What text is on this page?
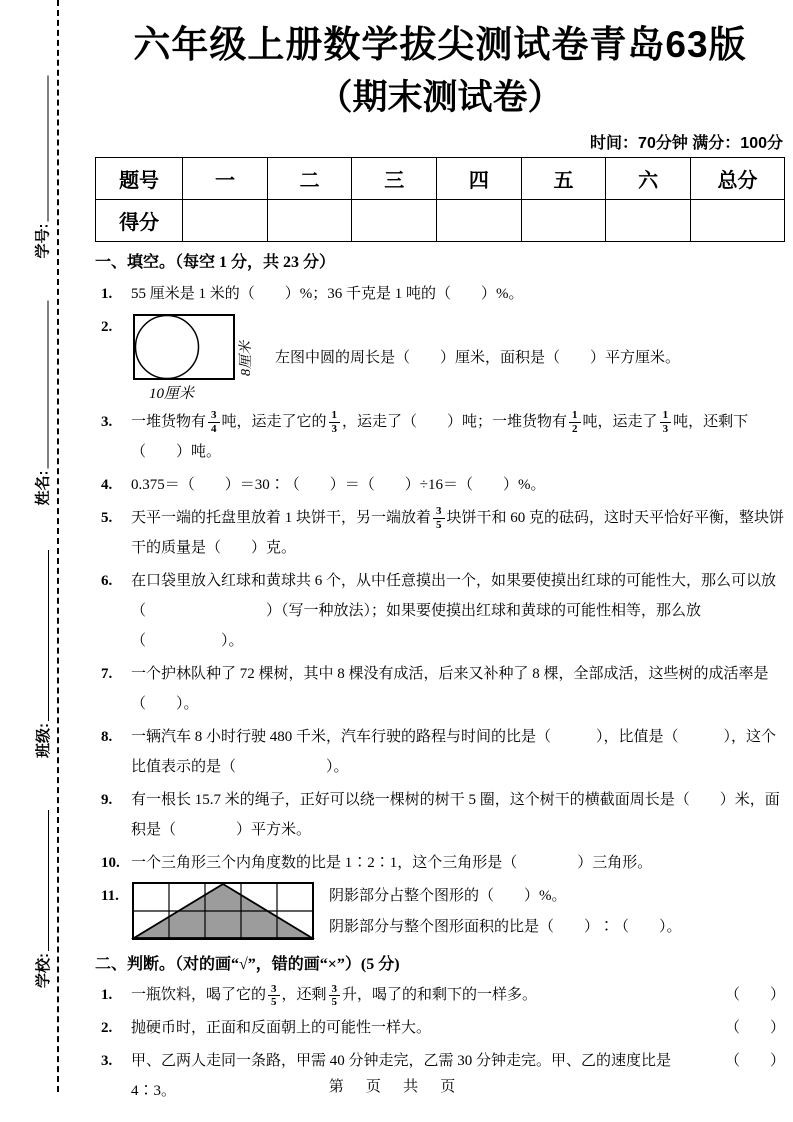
学号:
姓名:
班级:
学校:
六年级上册数学拔尖测试卷青岛63版
（期末测试卷）
时间：70分钟 满分：100分
题号	一	二	三	四	五	六	总分
得分							
一、填空。（每空 1 分，共 23 分）
1. 55 厘米是 1 米的（　　）%；36 千克是 1 吨的（　　）%。
2.
8厘米
10厘米
左图中圆的周长是（　　）厘米，面积是（　　）平方厘米。
3. 一堆货物有 $\frac{3}{4}$ 吨，运走了它的 $\frac{1}{3}$ ，运走了（　　）吨；一堆货物有 $\frac{1}{2}$ 吨，运走了 $\frac{1}{3}$ 吨，还剩下（　　）吨。
4. 0.375＝（　　）＝30∶（　　）＝（　　）÷16＝（　　）%。
5. 天平一端的托盘里放着 1 块饼干，另一端放着 $\frac{3}{5}$ 块饼干和 60 克的砝码，这时天平恰好平衡，整块饼干的质量是（　　）克。
6. 在口袋里放入红球和黄球共 6 个，从中任意摸出一个，如果要使摸出红球的可能性大，那么可以放（　　　　　　　　）（写一种放法）；如果要使摸出红球和黄球的可能性相等，那么放（　　　　　）。
7. 一个护林队种了 72 棵树，其中 8 棵没有成活，后来又补种了 8 棵，全部成活，这些树的成活率是（　　）。
8. 一辆汽车 8 小时行驶 480 千米，汽车行驶的路程与时间的比是（　　　），比值是（　　　），这个比值表示的是（　　　　　　）。
9. 有一根长 15.7 米的绳子，正好可以绕一棵树的树干 5 圈，这个树干的横截面周长是（　　）米，面积是（　　　　）平方米。
10. 一个三角形三个内角度数的比是 1∶2∶1，这个三角形是（　　　　）三角形。
11.	阴影部分占整个图形的（　　）%。
阴影部分与整个图形面积的比是（　　）∶（　　）。
二、判断。（对的画“√”，错的画“×”）(5 分)
1. 一瓶饮料，喝了它的 $\frac{3}{5}$ ，还剩 $\frac{3}{5}$ 升，喝了的和剩下的一样多。	（　　）
2. 抛硬币时，正面和反面朝上的可能性一样大。	（　　）
3. 甲、乙两人走同一条路，甲需 40 分钟走完，乙需 30 分钟走完。甲、乙的速度比是 4∶3。
（　　）
第 页 共 页
